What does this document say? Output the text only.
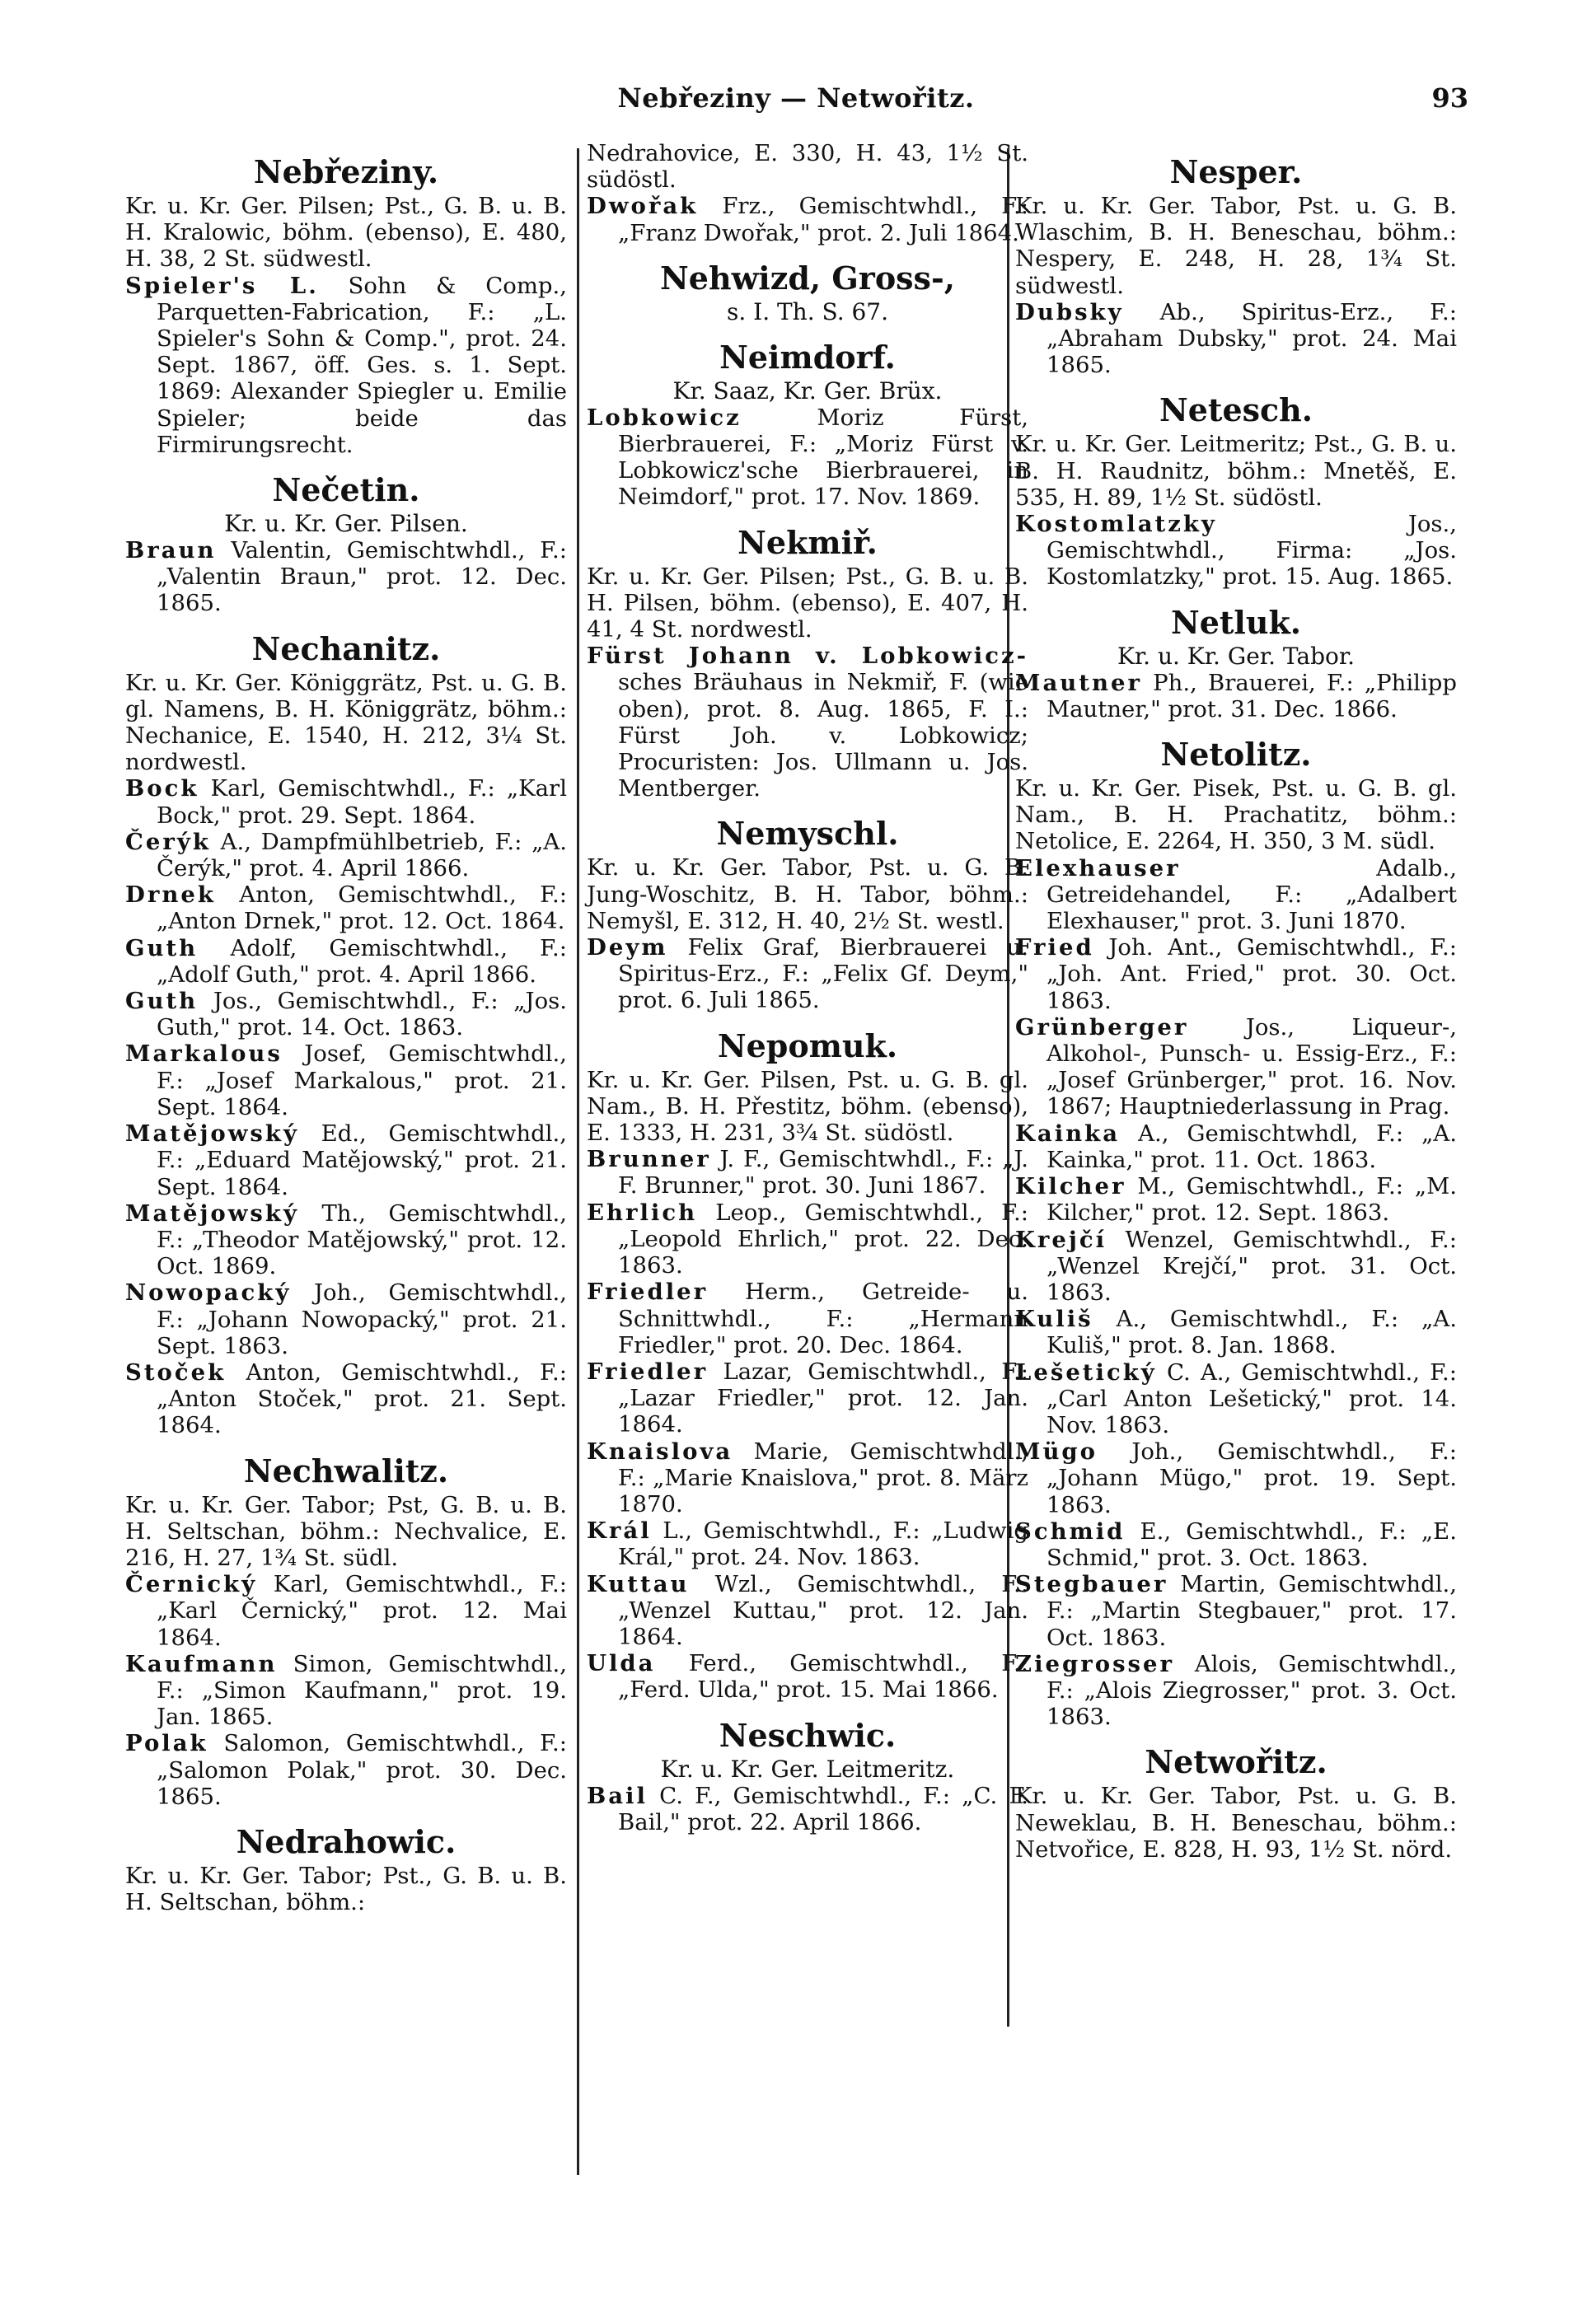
Nebřeziny — Netwořitz.	93
Nebřeziny.
Kr. u. Kr. Ger. Pilsen; Pst., G. B. u. B. H. Kralowic, böhm. (ebenso), E. 480, H. 38, 2 St. südwestl.
Spieler's L. Sohn & Comp., Parquetten-Fabrication, F.: „L. Spieler's Sohn & Comp.", prot. 24. Sept. 1867, öff. Ges. s. 1. Sept. 1869: Alexander Spiegler u. Emilie Spieler; beide das Firmirungsrecht.
Nečetin.
Kr. u. Kr. Ger. Pilsen.
Braun Valentin, Gemischtwhdl., F.: „Valentin Braun," prot. 12. Dec. 1865.
Nechanitz.
Kr. u. Kr. Ger. Königgrätz, Pst. u. G. B. gl. Namens, B. H. Königgrätz, böhm.: Nechanice, E. 1540, H. 212, 3¼ St. nordwestl.
Bock Karl, Gemischtwhdl., F.: „Karl Bock," prot. 29. Sept. 1864.
Čerýk A., Dampfmühlbetrieb, F.: „A. Čerýk," prot. 4. April 1866.
Drnek Anton, Gemischtwhdl., F.: „Anton Drnek," prot. 12. Oct. 1864.
Guth Adolf, Gemischtwhdl., F.: „Adolf Guth," prot. 4. April 1866.
Guth Jos., Gemischtwhdl., F.: „Jos. Guth," prot. 14. Oct. 1863.
Markalous Josef, Gemischtwhdl., F.: „Josef Markalous," prot. 21. Sept. 1864.
Matějowský Ed., Gemischtwhdl., F.: „Eduard Matějowský," prot. 21. Sept. 1864.
Matějowský Th., Gemischtwhdl., F.: „Theodor Matějowský," prot. 12. Oct. 1869.
Nowopacký Joh., Gemischtwhdl., F.: „Johann Nowopacký," prot. 21. Sept. 1863.
Stoček Anton, Gemischtwhdl., F.: „Anton Stoček," prot. 21. Sept. 1864.
Nechwalitz.
Kr. u. Kr. Ger. Tabor; Pst, G. B. u. B. H. Seltschan, böhm.: Nechvalice, E. 216, H. 27, 1¾ St. südl.
Černický Karl, Gemischtwhdl., F.: „Karl Černický," prot. 12. Mai 1864.
Kaufmann Simon, Gemischtwhdl., F.: „Simon Kaufmann," prot. 19. Jan. 1865.
Polak Salomon, Gemischtwhdl., F.: „Salomon Polak," prot. 30. Dec. 1865.
Nedrahowic.
Kr. u. Kr. Ger. Tabor; Pst., G. B. u. B. H. Seltschan, böhm.:
Nedrahovice, E. 330, H. 43, 1½ St. südöstl.
Dwořak Frz., Gemischtwhdl., F.: „Franz Dwořak," prot. 2. Juli 1864.
Nehwizd, Gross-,
s. I. Th. S. 67.
Neimdorf.
Kr. Saaz, Kr. Ger. Brüx.
Lobkowicz	Moriz Fürst, Bierbrauerei, F.: „Moriz Fürst v. Lobkowicz'sche Bierbrauerei, in Neimdorf," prot. 17. Nov. 1869.
Nekmiř.
Kr. u. Kr. Ger. Pilsen; Pst., G. B. u. B. H. Pilsen, böhm. (ebenso), E. 407, H. 41, 4 St. nordwestl.
Fürst Johann v. Lobkowicz- sches Bräuhaus in Nekmiř, F. (wie oben), prot. 8. Aug. 1865, F. I.: Fürst Joh. v. Lobkowicz; Procuristen: Jos. Ullmann u. Jos. Mentberger.
Nemyschl.
Kr. u. Kr. Ger. Tabor, Pst. u. G. B. Jung-Woschitz, B. H. Tabor, böhm.: Nemyšl, E. 312, H. 40, 2½ St. westl.
Deym Felix Graf, Bierbrauerei u. Spiritus-Erz., F.: „Felix Gf. Deym," prot. 6. Juli 1865.
Nepomuk.
Kr. u. Kr. Ger. Pilsen, Pst. u. G. B. gl. Nam., B. H. Přestitz, böhm. (ebenso), E. 1333, H. 231, 3¾ St. südöstl.
Brunner J. F., Gemischtwhdl., F.: „J. F. Brunner," prot. 30. Juni 1867.
Ehrlich Leop., Gemischtwhdl., F.: „Leopold Ehrlich," prot. 22. Dec. 1863.
Friedler Herm., Getreide- u. Schnittwhdl., F.: „Hermann Friedler," prot. 20. Dec. 1864.
Friedler Lazar, Gemischtwhdl., F.: „Lazar Friedler," prot. 12. Jan. 1864.
Knaislova Marie, Gemischtwhdl., F.: „Marie Knaislova," prot. 8. März 1870.
Král L., Gemischtwhdl., F.: „Ludwig Král," prot. 24. Nov. 1863.
Kuttau Wzl., Gemischtwhdl., F.: „Wenzel Kuttau," prot. 12. Jan. 1864.
Ulda Ferd., Gemischtwhdl., F.: „Ferd. Ulda," prot. 15. Mai 1866.
Neschwic.
Kr. u. Kr. Ger. Leitmeritz.
Bail C. F., Gemischtwhdl., F.: „C. F. Bail," prot. 22. April 1866.
Nesper.
Kr. u. Kr. Ger. Tabor, Pst. u. G. B. Wlaschim, B. H. Beneschau, böhm.: Nespery, E. 248, H. 28, 1¾ St. südwestl.
Dubsky Ab., Spiritus-Erz., F.: „Abraham Dubsky," prot. 24. Mai 1865.
Netesch.
Kr. u. Kr. Ger. Leitmeritz; Pst., G. B. u. B. H. Raudnitz, böhm.: Mnetěš, E. 535, H. 89, 1½ St. südöstl.
Kostomlatzky	Jos., Gemischtwhdl., Firma: „Jos. Kostomlatzky," prot. 15. Aug. 1865.
Netluk.
Kr. u. Kr. Ger. Tabor.
Mautner Ph., Brauerei, F.: „Philipp Mautner," prot. 31. Dec. 1866.
Netolitz.
Kr. u. Kr. Ger. Pisek, Pst. u. G. B. gl. Nam., B. H. Prachatitz, böhm.: Netolice, E. 2264, H. 350, 3 M. südl.
Elexhauser	Adalb., Getreidehandel, F.: „Adalbert Elexhauser," prot. 3. Juni 1870.
Fried Joh. Ant., Gemischtwhdl., F.: „Joh. Ant. Fried," prot. 30. Oct. 1863.
Grünberger	Jos., Liqueur-, Alkohol-, Punsch- u. Essig-Erz., F.: „Josef Grünberger," prot. 16. Nov. 1867; Hauptniederlassung in Prag.
Kainka A., Gemischtwhdl, F.: „A. Kainka," prot. 11. Oct. 1863.
Kilcher M., Gemischtwhdl., F.: „M. Kilcher," prot. 12. Sept. 1863.
Krejčí Wenzel, Gemischtwhdl., F.: „Wenzel Krejčí," prot. 31. Oct. 1863.
Kuliš A., Gemischtwhdl., F.: „A. Kuliš," prot. 8. Jan. 1868.
Lešetický C. A., Gemischtwhdl., F.: „Carl Anton Lešetický," prot. 14. Nov. 1863.
Mügo Joh., Gemischtwhdl., F.: „Johann Mügo," prot. 19. Sept. 1863.
Schmid E., Gemischtwhdl., F.: „E. Schmid," prot. 3. Oct. 1863.
Stegbauer Martin, Gemischtwhdl., F.: „Martin Stegbauer," prot. 17. Oct. 1863.
Ziegrosser Alois, Gemischtwhdl., F.: „Alois Ziegrosser," prot. 3. Oct. 1863.
Netwořitz.
Kr. u. Kr. Ger. Tabor, Pst. u. G. B. Neweklau, B. H. Beneschau, böhm.: Netvořice, E. 828, H. 93, 1½ St. nörd.
